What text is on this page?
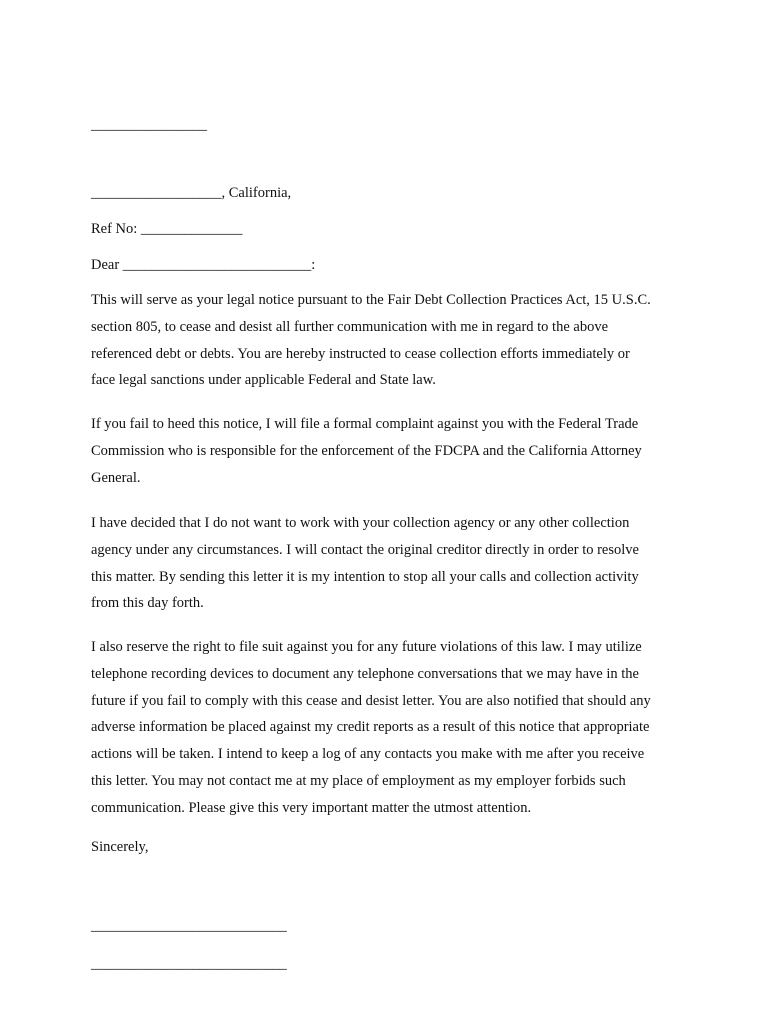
________________
__________________, California,
Ref No: ______________
Dear __________________________:
This will serve as your legal notice pursuant to the Fair Debt Collection Practices Act, 15 U.S.C.
section 805, to cease and desist all further communication with me in regard to the above
referenced debt or debts. You are hereby instructed to cease collection efforts immediately or
face legal sanctions under applicable Federal and State law.
If you fail to heed this notice, I will file a formal complaint against you with the Federal Trade
Commission who is responsible for the enforcement of the FDCPA and the California Attorney
General.
I have decided that I do not want to work with your collection agency or any other collection
agency under any circumstances. I will contact the original creditor directly in order to resolve
this matter. By sending this letter it is my intention to stop all your calls and collection activity
from this day forth.
I also reserve the right to file suit against you for any future violations of this law. I may utilize
telephone recording devices to document any telephone conversations that we may have in the
future if you fail to comply with this cease and desist letter. You are also notified that should any
adverse information be placed against my credit reports as a result of this notice that appropriate
actions will be taken. I intend to keep a log of any contacts you make with me after you receive
this letter. You may not contact me at my place of employment as my employer forbids such
communication. Please give this very important matter the utmost attention.
Sincerely,
___________________________
___________________________
